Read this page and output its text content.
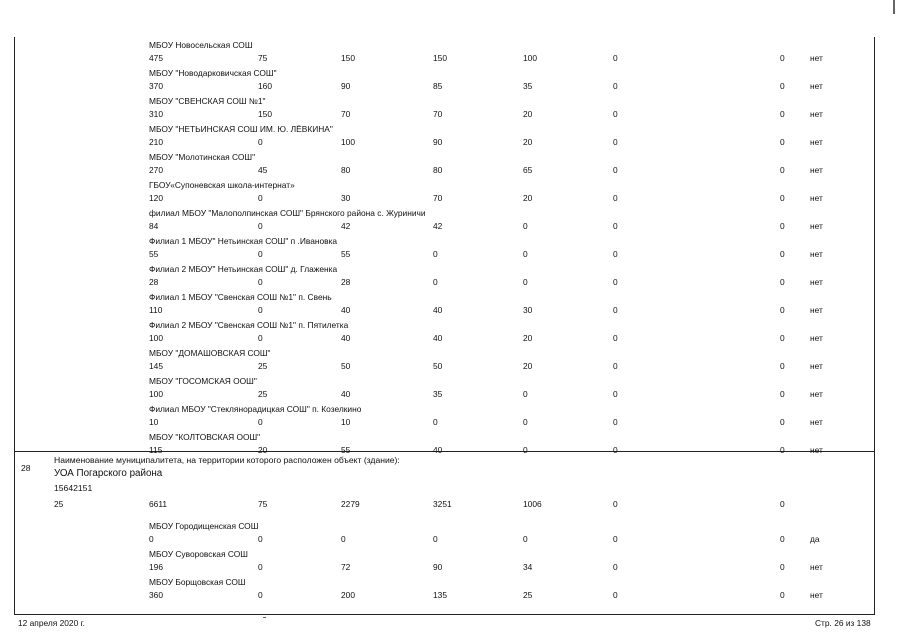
МБОУ Новосельская СОШ
475	75	150	150	100	0	0	нет
МБОУ "Новодарковичская СОШ"
370	160	90	85	35	0	0	нет
МБОУ "СВЕНСКАЯ СОШ №1"
310	150	70	70	20	0	0	нет
МБОУ "НЕТЬИНСКАЯ СОШ ИМ. Ю. ЛЁВКИНА"
210	0	100	90	20	0	0	нет
МБОУ "Молотинская СОШ"
270	45	80	80	65	0	0	нет
ГБОУ«Супоневская школа-интернат»
120	0	30	70	20	0	0	нет
филиал МБОУ "Малополпинская СОШ" Брянского района с. Журиничи
84	0	42	42	0	0	0	нет
Филиал 1 МБОУ" Нетьинская СОШ" п .Ивановка
55	0	55	0	0	0	0	нет
Филиал 2 МБОУ" Нетьинская СОШ" д. Глаженка
28	0	28	0	0	0	0	нет
Филиал 1 МБОУ "Свенская СОШ №1" п. Свень
110	0	40	40	30	0	0	нет
Филиал 2 МБОУ "Свенская СОШ №1" п. Пятилетка
100	0	40	40	20	0	0	нет
МБОУ "ДОМАШОВСКАЯ СОШ"
145	25	50	50	20	0	0	нет
МБОУ "ГОСОМСКАЯ ООШ"
100	25	40	35	0	0	0	нет
Филиал МБОУ "Стеклянорадицкая СОШ" п. Козелкино
10	0	10	0	0	0	0	нет
МБОУ "КОЛТОВСКАЯ ООШ"
115	20	55	40	0	0	0	нет
28
Наименование муниципалитета, на территории которого расположен объект (здание):
УОА Погарского района
15642151
25	6611	75	2279	3251	1006	0	0
МБОУ Городищенская СОШ
0	0	0	0	0	0	0	да
МБОУ Суворовская СОШ
196	0	72	90	34	0	0	нет
МБОУ Борщовская СОШ
360	0	200	135	25	0	0	нет
12 апреля 2020 г.	Стр. 26 из 138
